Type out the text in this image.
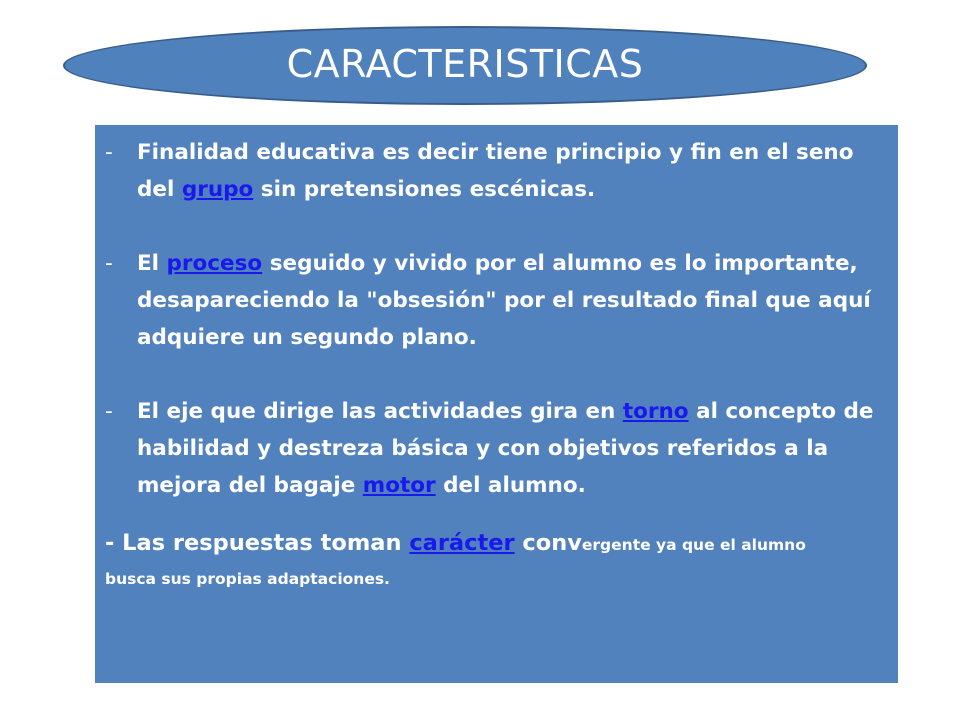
CARACTERISTICAS
-	Finalidad educativa es decir tiene principio y fin en el seno del grupo sin pretensiones escénicas.
-	El proceso seguido y vivido por el alumno es lo importante, desapareciendo la "obsesión" por el resultado final que aquí adquiere un segundo plano.
-	El eje que dirige las actividades gira en torno al concepto de habilidad y destreza básica y con objetivos referidos a la mejora del bagaje motor del alumno.
- Las respuestas toman carácter convergente ya que el alumno
busca sus propias adaptaciones.
